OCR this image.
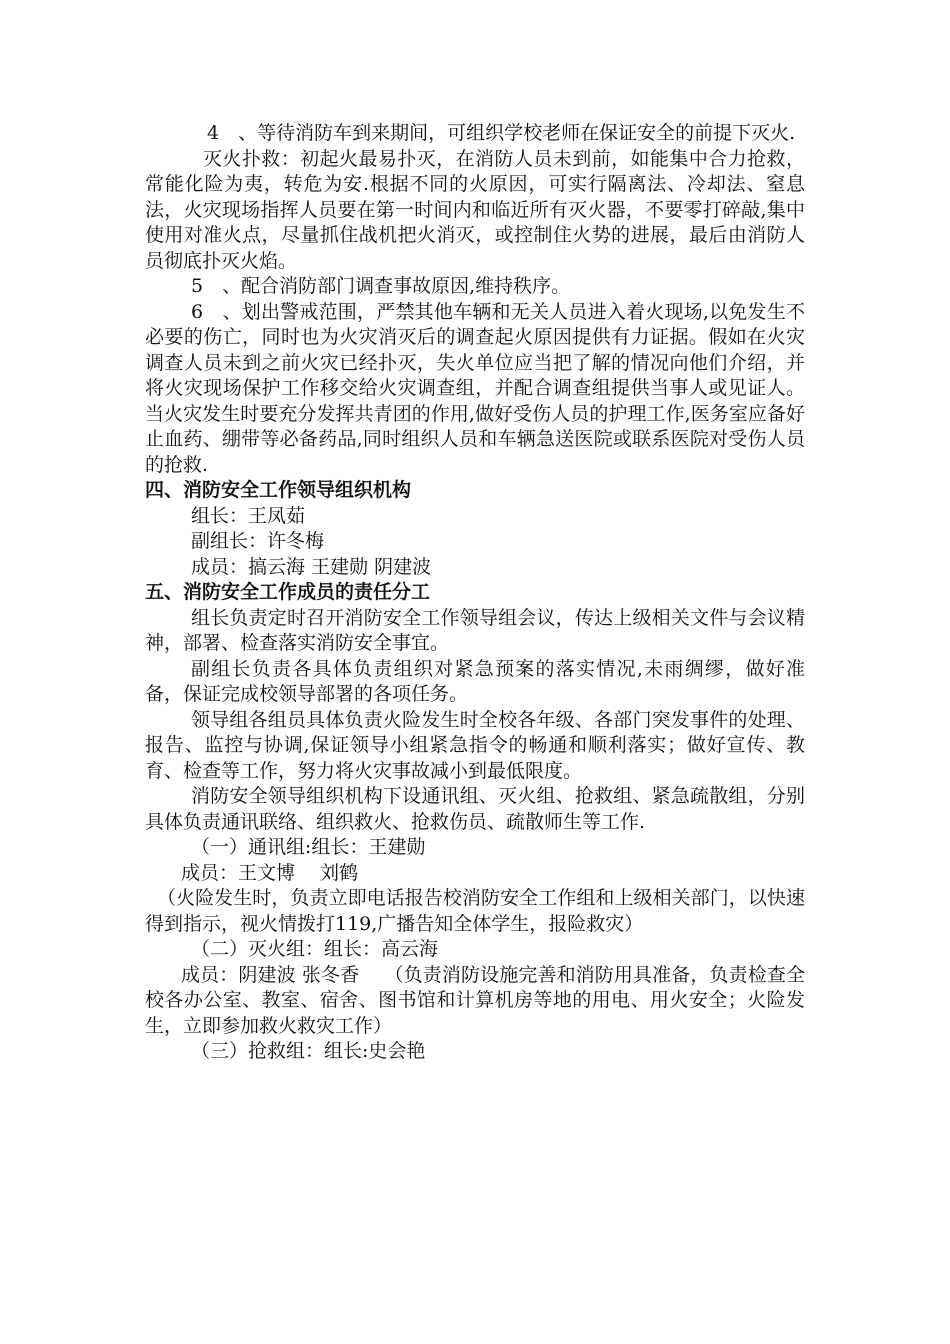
4　、等待消防车到来期间，可组织学校老师在保证安全的前提下灭火.

灭火扑救：初起火最易扑灭，在消防人员未到前，如能集中合力抢救，常能化险为夷，转危为安.根据不同的火原因，可实行隔离法、冷却法、窒息法，火灾现场指挥人员要在第一时间内和临近所有灭火器，不要零打碎敲,集中使用对准火点，尽量抓住战机把火消灭，或控制住火势的进展，最后由消防人员彻底扑灭火焰。

5　、配合消防部门调查事故原因,维持秩序。

6　、划出警戒范围，严禁其他车辆和无关人员进入着火现场,以免发生不必要的伤亡，同时也为火灾消灭后的调查起火原因提供有力证据。假如在火灾调查人员未到之前火灾已经扑灭，失火单位应当把了解的情况向他们介绍，并将火灾现场保护工作移交给火灾调查组，并配合调查组提供当事人或见证人。当火灾发生时要充分发挥共青团的作用,做好受伤人员的护理工作,医务室应备好止血药、绷带等必备药品,同时组织人员和车辆急送医院或联系医院对受伤人员的抢救.

四、消防安全工作领导组织机构

组长：王凤茹

副组长：许冬梅

成员：搞云海 王建勋 阴建波

五、消防安全工作成员的责任分工

组长负责定时召开消防安全工作领导组会议，传达上级相关文件与会议精神，部署、检查落实消防安全事宜。

副组长负责各具体负责组织对紧急预案的落实情况,未雨绸缪，做好准备，保证完成校领导部署的各项任务。

领导组各组员具体负责火险发生时全校各年级、各部门突发事件的处理、报告、监控与协调,保证领导小组紧急指令的畅通和顺利落实；做好宣传、教育、检查等工作，努力将火灾事故减小到最低限度。

消防安全领导组织机构下设通讯组、灭火组、抢救组、紧急疏散组，分别具体负责通讯联络、组织救火、抢救伤员、疏散师生等工作.

（一）通讯组:组长：王建勋

成员：王文博　 刘鹤

（火险发生时，负责立即电话报告校消防安全工作组和上级相关部门，以快速得到指示，视火情拨打119,广播告知全体学生，报险救灾）

（二）灭火组：组长：高云海

成员：阴建波 张冬香　 （负责消防设施完善和消防用具准备，负责检查全校各办公室、教室、宿舍、图书馆和计算机房等地的用电、用火安全；火险发生，立即参加救火救灾工作）

（三）抢救组：组长:史会艳
